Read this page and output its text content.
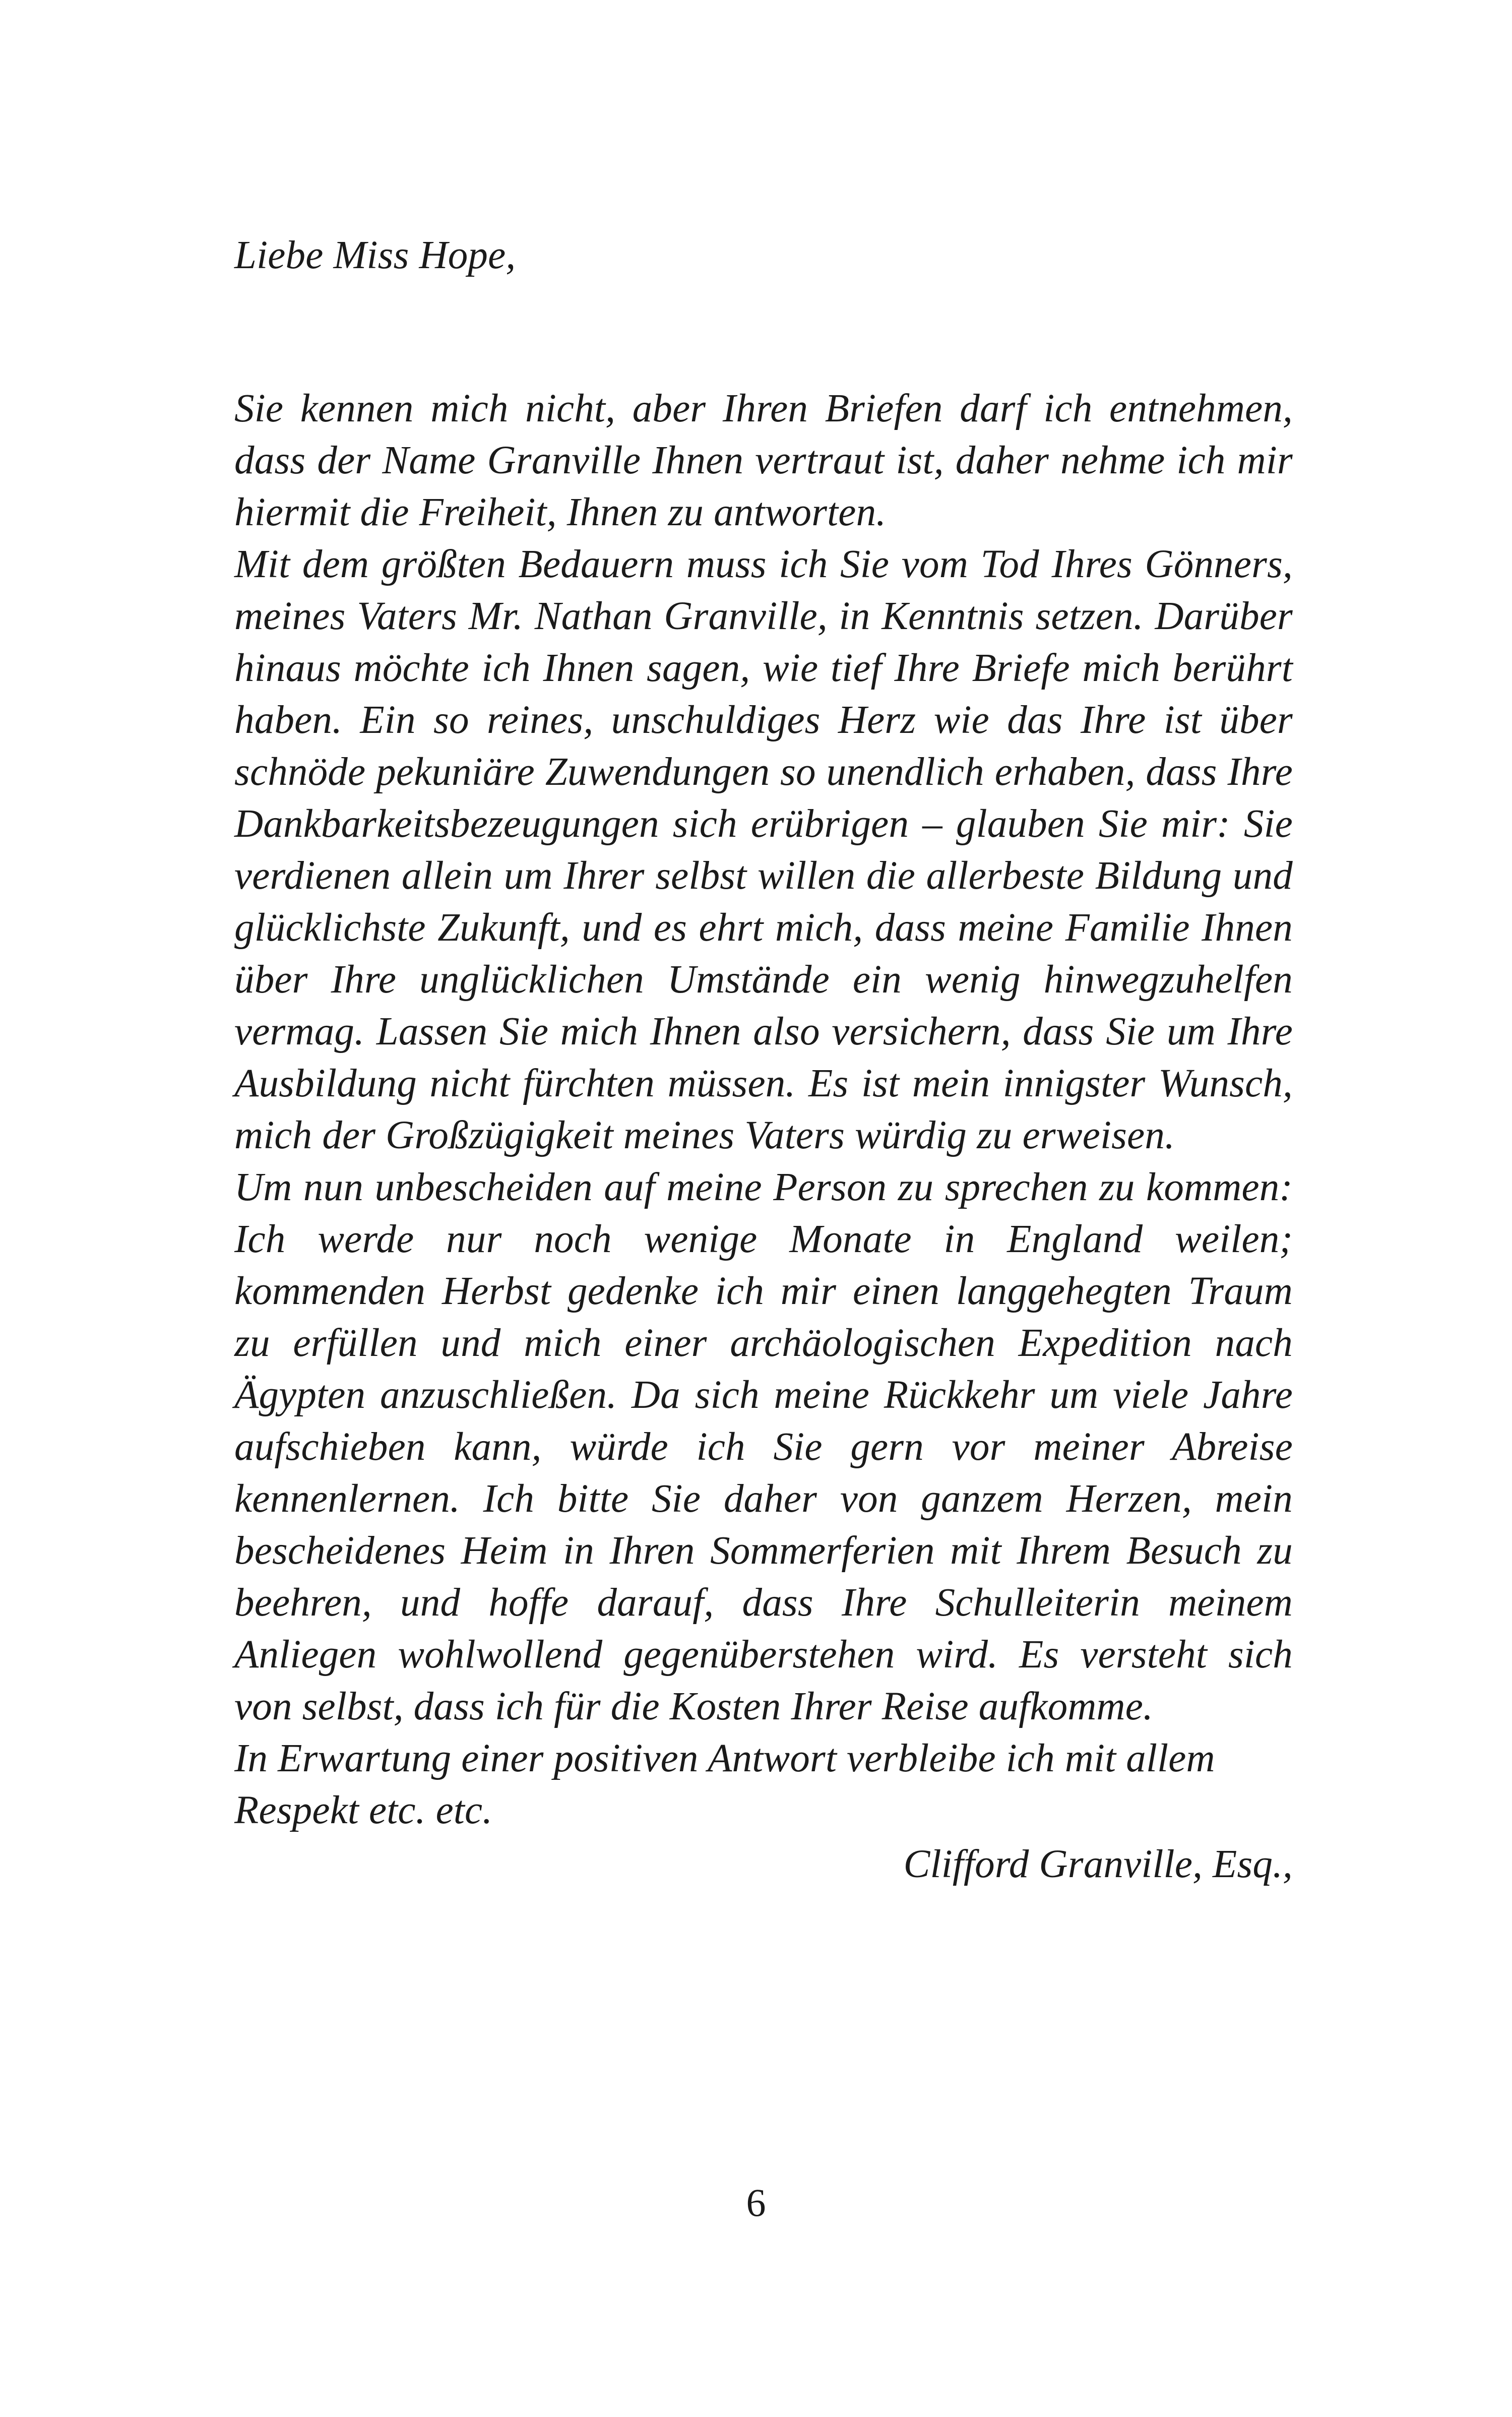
Liebe Miss Hope,

Sie kennen mich nicht, aber Ihren Briefen darf ich entnehmen, dass der Name Granville Ihnen vertraut ist, daher nehme ich mir hiermit die Freiheit, Ihnen zu antworten.

Mit dem größten Bedauern muss ich Sie vom Tod Ihres Gönners, meines Vaters Mr. Nathan Granville, in Kenntnis setzen. Darüber hinaus möchte ich Ihnen sagen, wie tief Ihre Briefe mich berührt haben. Ein so reines, unschuldiges Herz wie das Ihre ist über schnöde pekuniäre Zuwendungen so unendlich erhaben, dass Ihre Dankbarkeitsbezeugungen sich erübrigen – glauben Sie mir: Sie verdienen allein um Ihrer selbst willen die allerbeste Bildung und glücklichste Zukunft, und es ehrt mich, dass meine Familie Ihnen über Ihre unglücklichen Umstände ein wenig hinwegzuhelfen vermag. Lassen Sie mich Ihnen also versichern, dass Sie um Ihre Ausbildung nicht fürchten müssen. Es ist mein innigster Wunsch, mich der Großzügigkeit meines Vaters würdig zu erweisen.

Um nun unbescheiden auf meine Person zu sprechen zu kommen: Ich werde nur noch wenige Monate in England weilen; kommenden Herbst gedenke ich mir einen langgehegten Traum zu erfüllen und mich einer archäologischen Expedition nach Ägypten anzuschließen. Da sich meine Rückkehr um viele Jahre aufschieben kann, würde ich Sie gern vor meiner Abreise kennenlernen. Ich bitte Sie daher von ganzem Herzen, mein bescheidenes Heim in Ihren Sommerferien mit Ihrem Besuch zu beehren, und hoffe darauf, dass Ihre Schulleiterin meinem Anliegen wohlwollend gegenüberstehen wird. Es versteht sich von selbst, dass ich für die Kosten Ihrer Reise aufkomme.

In Erwartung einer positiven Antwort verbleibe ich mit allem Respekt etc. etc.

Clifford Granville, Esq.,

6
